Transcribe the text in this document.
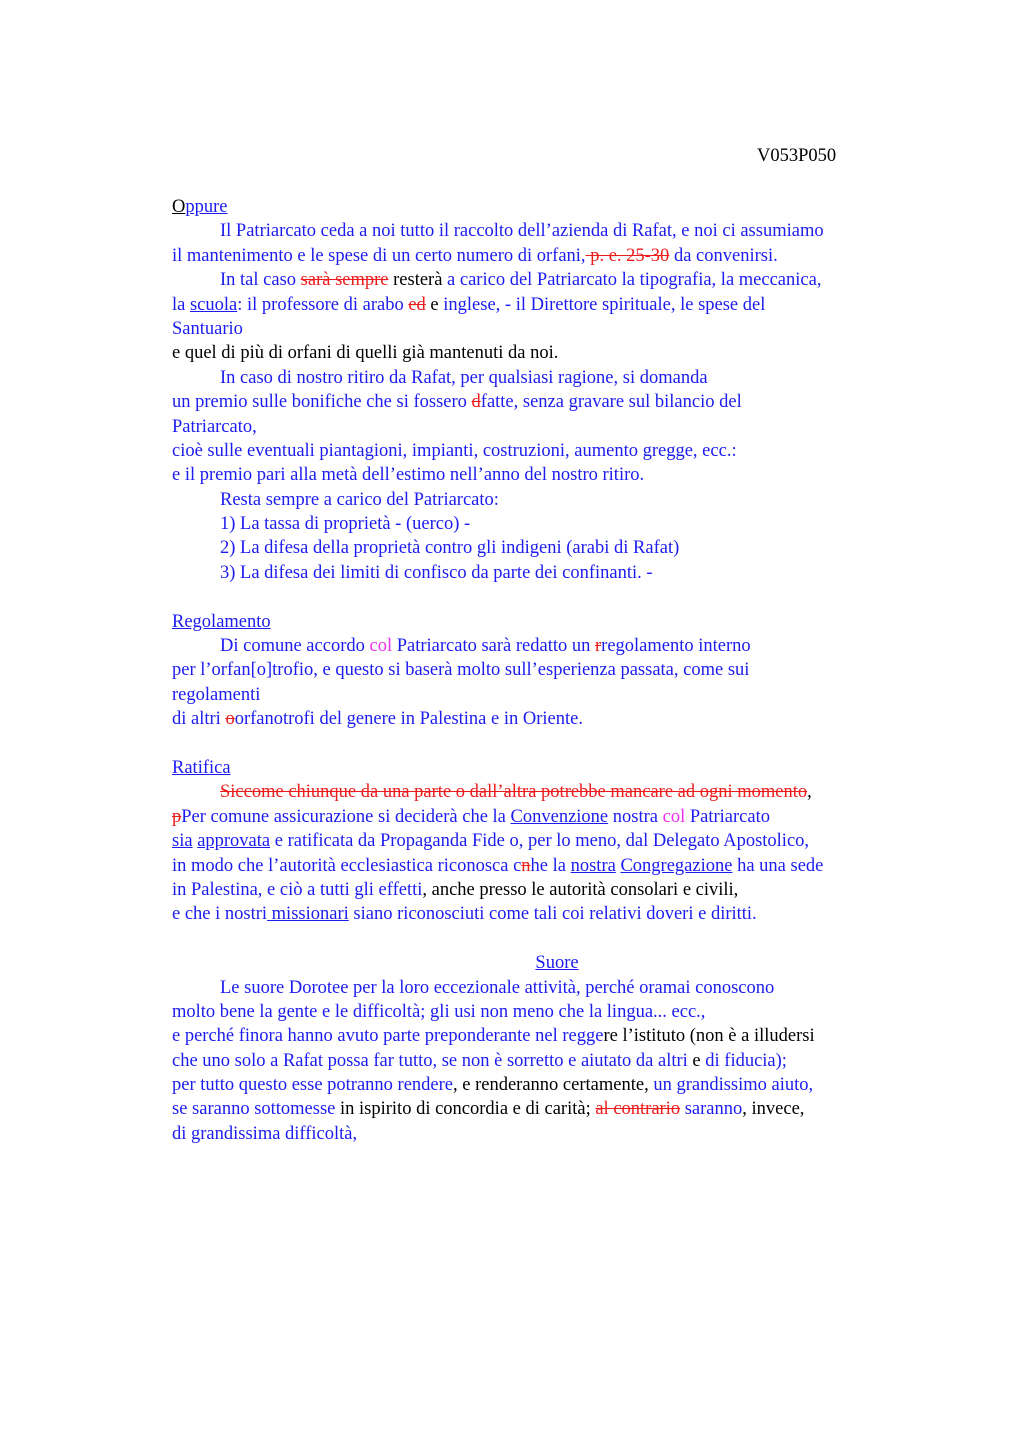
V053P050
Oppure
Il Patriarcato ceda a noi tutto il raccolto dell’azienda di Rafat, e noi ci assumiamo
il mantenimento e le spese di un certo numero di orfani, p. e. 25-30 da convenirsi.
In tal caso sarà sempre resterà a carico del Patriarcato la tipografia, la meccanica,
la scuola: il professore di arabo ed e inglese, - il Direttore spirituale, le spese del
Santuario
e quel di più di orfani di quelli già mantenuti da noi.
In caso di nostro ritiro da Rafat, per qualsiasi ragione, si domanda
un premio sulle bonifiche che si fossero dfatte, senza gravare sul bilancio del
Patriarcato,
cioè sulle eventuali piantagioni, impianti, costruzioni, aumento gregge, ecc.:
e il premio pari alla metà dell’estimo nell’anno del nostro ritiro.
Resta sempre a carico del Patriarcato:
1) La tassa di proprietà - (uerco) -
2) La difesa della proprietà contro gli indigeni (arabi di Rafat)
3) La difesa dei limiti di confisco da parte dei confinanti. -
Regolamento
Di comune accordo col Patriarcato sarà redatto un rregolamento interno
per l’orfan[o]trofio, e questo si baserà molto sull’esperienza passata, come sui
regolamenti
di altri oorfanotrofi del genere in Palestina e in Oriente.
Ratifica
Siccome chiunque da una parte o dall’altra potrebbe mancare ad ogni momento,
pPer comune assicurazione si deciderà che la Convenzione nostra col Patriarcato
sia approvata e ratificata da Propaganda Fide o, per lo meno, dal Delegato Apostolico,
in modo che l’autorità ecclesiastica riconosca cnhe la nostra Congregazione ha una sede
in Palestina, e ciò a tutti gli effetti, anche presso le autorità consolari e civili,
e che i nostri missionari siano riconosciuti come tali coi relativi doveri e diritti.
Suore
Le suore Dorotee per la loro eccezionale attività, perché oramai conoscono
molto bene la gente e le difficoltà; gli usi non meno che la lingua... ecc.,
e perché finora hanno avuto parte preponderante nel reggere l’istituto (non è a illudersi
che uno solo a Rafat possa far tutto, se non è sorretto e aiutato da altri e di fiducia);
per tutto questo esse potranno rendere, e renderanno certamente, un grandissimo aiuto,
se saranno sottomesse in ispirito di concordia e di carità; al contrario saranno, invece,
di grandissima difficoltà,
